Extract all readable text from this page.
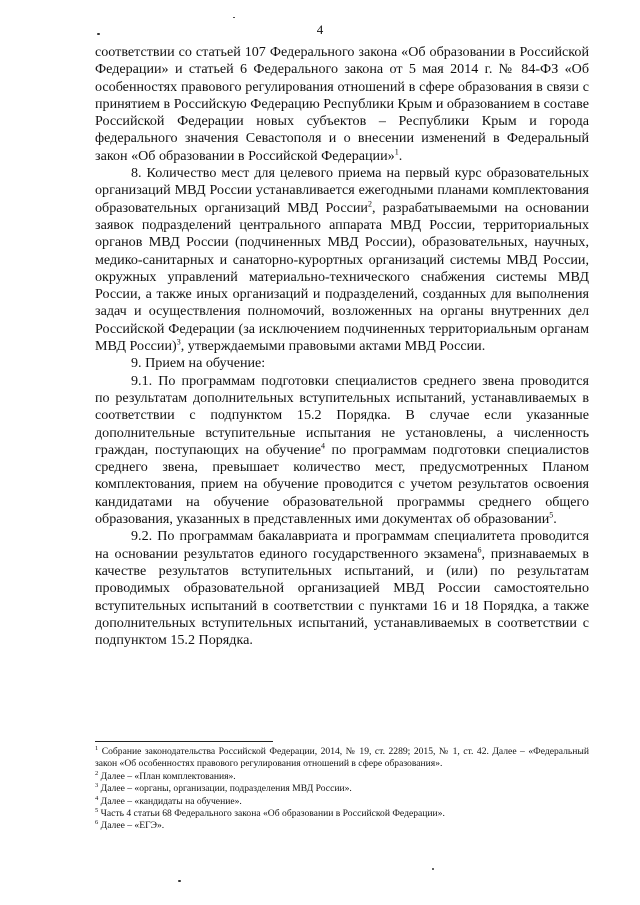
4

соответствии со статьей 107 Федерального закона «Об образовании в Российской Федерации» и статьей 6 Федерального закона от 5 мая 2014 г. № 84-ФЗ «Об особенностях правового регулирования отношений в сфере образования в связи с принятием в Российскую Федерацию Республики Крым и образованием в составе Российской Федерации новых субъектов – Республики Крым и города федерального значения Севастополя и о внесении изменений в Федеральный закон «Об образовании в Российской Федерации»$^1$.

8. Количество мест для целевого приема на первый курс образовательных организаций МВД России устанавливается ежегодными планами комплектования образовательных организаций МВД России$^2$, разрабатываемыми на основании заявок подразделений центрального аппарата МВД России, территориальных органов МВД России (подчиненных МВД России), образовательных, научных, медико-санитарных и санаторно-курортных организаций системы МВД России, окружных управлений материально-технического снабжения системы МВД России, а также иных организаций и подразделений, созданных для выполнения задач и осуществления полномочий, возложенных на органы внутренних дел Российской Федерации (за исключением подчиненных территориальным органам МВД России)$^3$, утверждаемыми правовыми актами МВД России.

9. Прием на обучение:

9.1. По программам подготовки специалистов среднего звена проводится по результатам дополнительных вступительных испытаний, устанавливаемых в соответствии с подпунктом 15.2 Порядка. В случае если указанные дополнительные вступительные испытания не установлены, а численность граждан, поступающих на обучение$^4$ по программам подготовки специалистов среднего звена, превышает количество мест, предусмотренных Планом комплектования, прием на обучение проводится с учетом результатов освоения кандидатами на обучение образовательной программы среднего общего образования, указанных в представленных ими документах об образовании$^5$.

9.2. По программам бакалавриата и программам специалитета проводится на основании результатов единого государственного экзамена$^6$, признаваемых в качестве результатов вступительных испытаний, и (или) по результатам проводимых образовательной организацией МВД России самостоятельно вступительных испытаний в соответствии с пунктами 16 и 18 Порядка, а также дополнительных вступительных испытаний, устанавливаемых в соответствии с подпунктом 15.2 Порядка.

$^1$ Собрание законодательства Российской Федерации, 2014, № 19, ст. 2289; 2015, № 1, ст. 42. Далее – «Федеральный закон «Об особенностях правового регулирования отношений в сфере образования».

$^2$ Далее – «План комплектования».

$^3$ Далее – «органы, организации, подразделения МВД России».

$^4$ Далее – «кандидаты на обучение».

$^5$ Часть 4 статьи 68 Федерального закона «Об образовании в Российской Федерации».

$^6$ Далее – «ЕГЭ».
